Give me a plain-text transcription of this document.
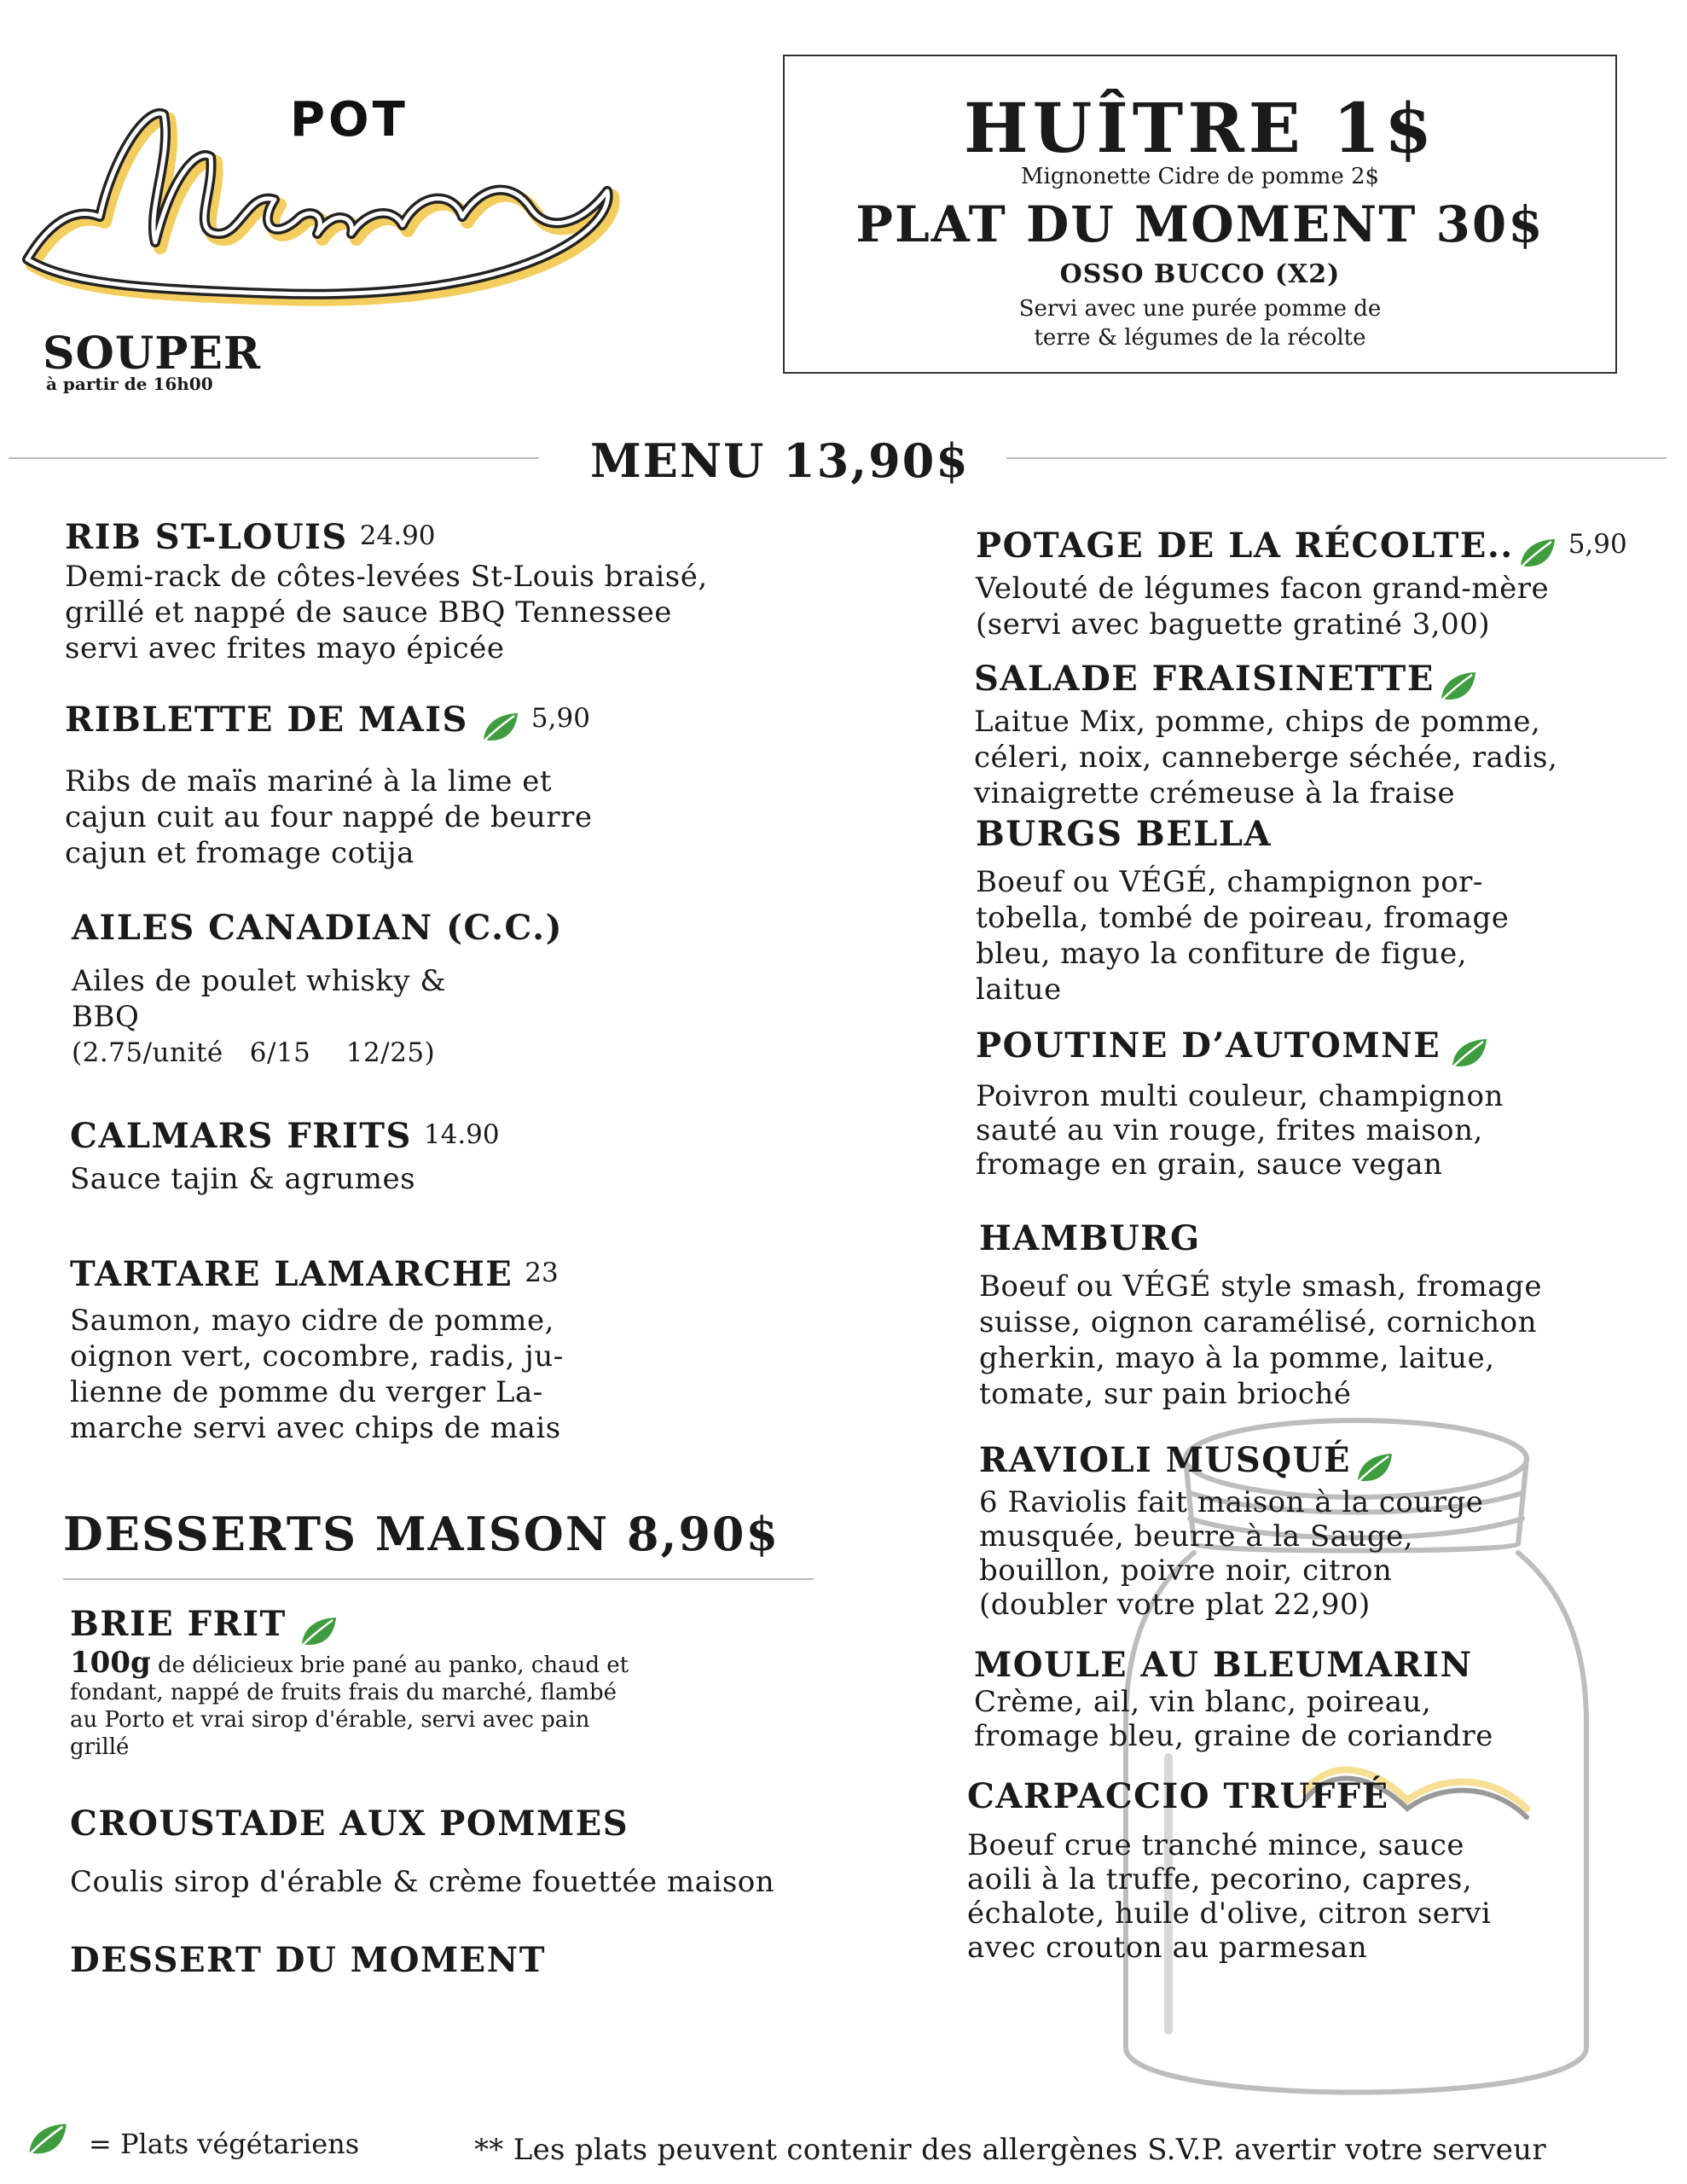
POT
SOUPER
à partir de 16h00
HUÎTRE 1$
Mignonette Cidre de pomme 2$
PLAT DU MOMENT 30$
OSSO BUCCO (X2)
Servi avec une purée pomme de
terre & légumes de la récolte
MENU 13,90$
RIB ST-LOUIS 24.90
Demi-rack de côtes-levées St-Louis braisé,
grillé et nappé de sauce BBQ Tennessee
servi avec frites mayo épicée
RIBLETTE DE MAIS 5,90
Ribs de maïs mariné à la lime et
cajun cuit au four nappé de beurre
cajun et fromage cotija
AILES CANADIAN (C.C.)
Ailes de poulet whisky &
BBQ
(2.75/unité   6/15    12/25)
CALMARS FRITS 14.90
Sauce tajin & agrumes
TARTARE LAMARCHE 23
Saumon, mayo cidre de pomme,
oignon vert, cocombre, radis, ju-
lienne de pomme du verger La-
marche servi avec chips de mais
DESSERTS MAISON 8,90$
BRIE FRIT
100g de délicieux brie pané au panko, chaud et
fondant, nappé de fruits frais du marché, flambé
au Porto et vrai sirop d'érable, servi avec pain
grillé
CROUSTADE AUX POMMES
Coulis sirop d'érable & crème fouettée maison
DESSERT DU MOMENT
POTAGE DE LA RÉCOLTE.. 5,90
Velouté de légumes facon grand-mère
(servi avec baguette gratiné 3,00)
SALADE FRAISINETTE
Laitue Mix, pomme, chips de pomme,
céleri, noix, canneberge séchée, radis,
vinaigrette crémeuse à la fraise
BURGS BELLA
Boeuf ou VÉGÉ, champignon por-
tobella, tombé de poireau, fromage
bleu, mayo la confiture de figue,
laitue
POUTINE D’AUTOMNE
Poivron multi couleur, champignon
sauté au vin rouge, frites maison,
fromage en grain, sauce vegan
HAMBURG
Boeuf ou VÉGÉ style smash, fromage
suisse, oignon caramélisé, cornichon
gherkin, mayo à la pomme, laitue,
tomate, sur pain brioché
RAVIOLI MUSQUÉ
6 Raviolis fait maison à la courge
musquée, beurre à la Sauge,
bouillon, poivre noir, citron
(doubler votre plat 22,90)
MOULE AU BLEUMARIN
Crème, ail, vin blanc, poireau,
fromage bleu, graine de coriandre
CARPACCIO TRUFFÉ
Boeuf crue tranché mince, sauce
aoili à la truffe, pecorino, capres,
échalote, huile d'olive, citron servi
avec crouton au parmesan
= Plats végétariens	** Les plats peuvent contenir des allergènes S.V.P. avertir votre serveur
